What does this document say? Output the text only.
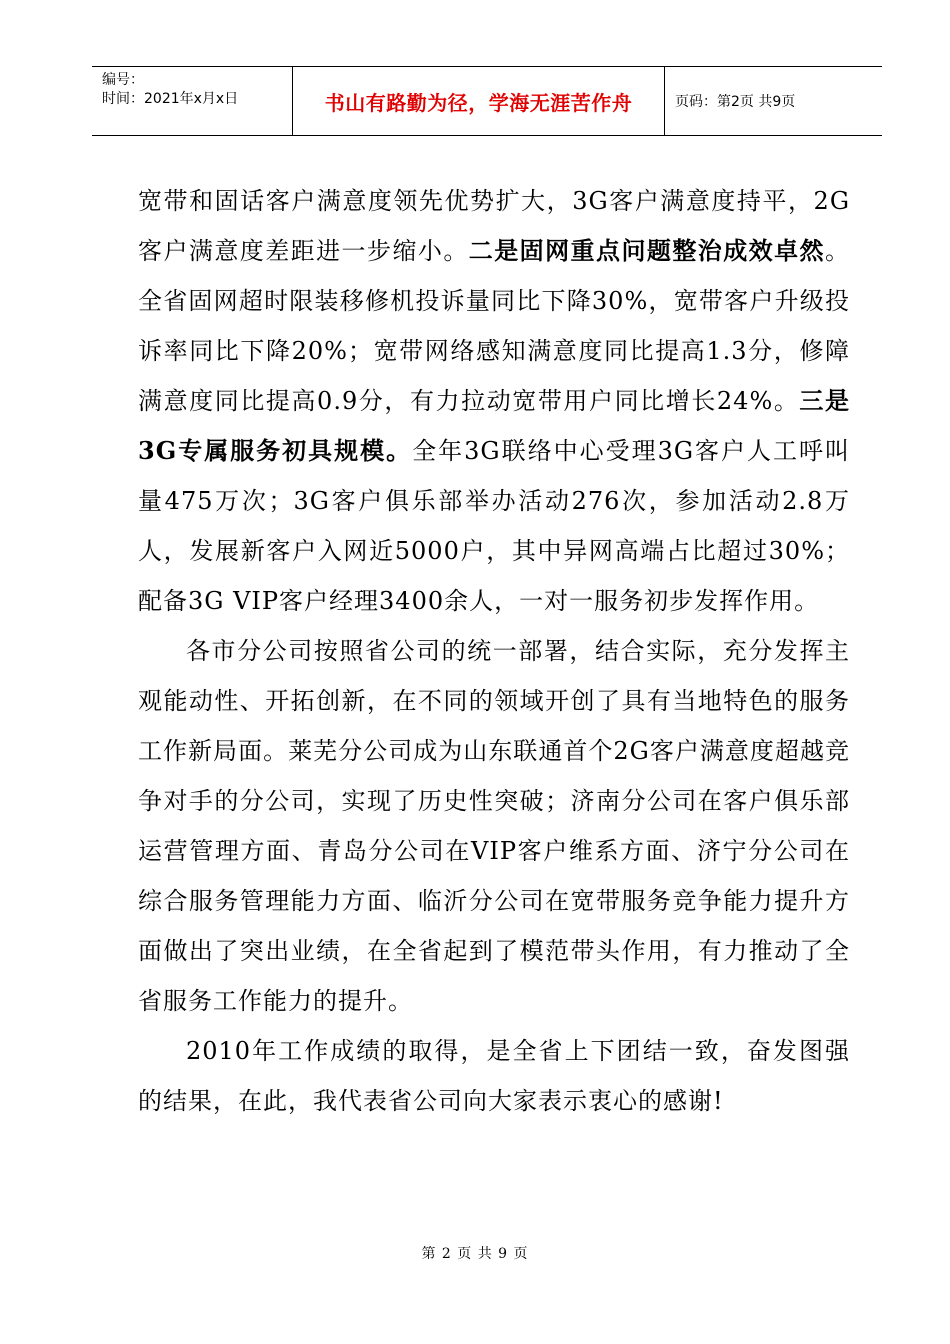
编号：
时间：2021年x月x日	书山有路勤为径，学海无涯苦作舟	页码：第2页 共9页

宽带和固话客户满意度领先优势扩大，3G客户满意度持平，2G客户满意度差距进一步缩小。二是固网重点问题整治成效卓然。全省固网超时限装移修机投诉量同比下降30%，宽带客户升级投诉率同比下降20%；宽带网络感知满意度同比提高1.3分，修障满意度同比提高0.9分，有力拉动宽带用户同比增长24%。三是3G专属服务初具规模。全年3G联络中心受理3G客户人工呼叫量475万次；3G客户俱乐部举办活动276次，参加活动2.8万人，发展新客户入网近5000户，其中异网高端占比超过30%；配备3G VIP客户经理3400余人，一对一服务初步发挥作用。

各市分公司按照省公司的统一部署，结合实际，充分发挥主观能动性、开拓创新，在不同的领域开创了具有当地特色的服务工作新局面。莱芜分公司成为山东联通首个2G客户满意度超越竞争对手的分公司，实现了历史性突破；济南分公司在客户俱乐部运营管理方面、青岛分公司在VIP客户维系方面、济宁分公司在综合服务管理能力方面、临沂分公司在宽带服务竞争能力提升方面做出了突出业绩，在全省起到了模范带头作用，有力推动了全省服务工作能力的提升。

2010年工作成绩的取得，是全省上下团结一致，奋发图强的结果，在此，我代表省公司向大家表示衷心的感谢!

第 2 页 共 9 页
